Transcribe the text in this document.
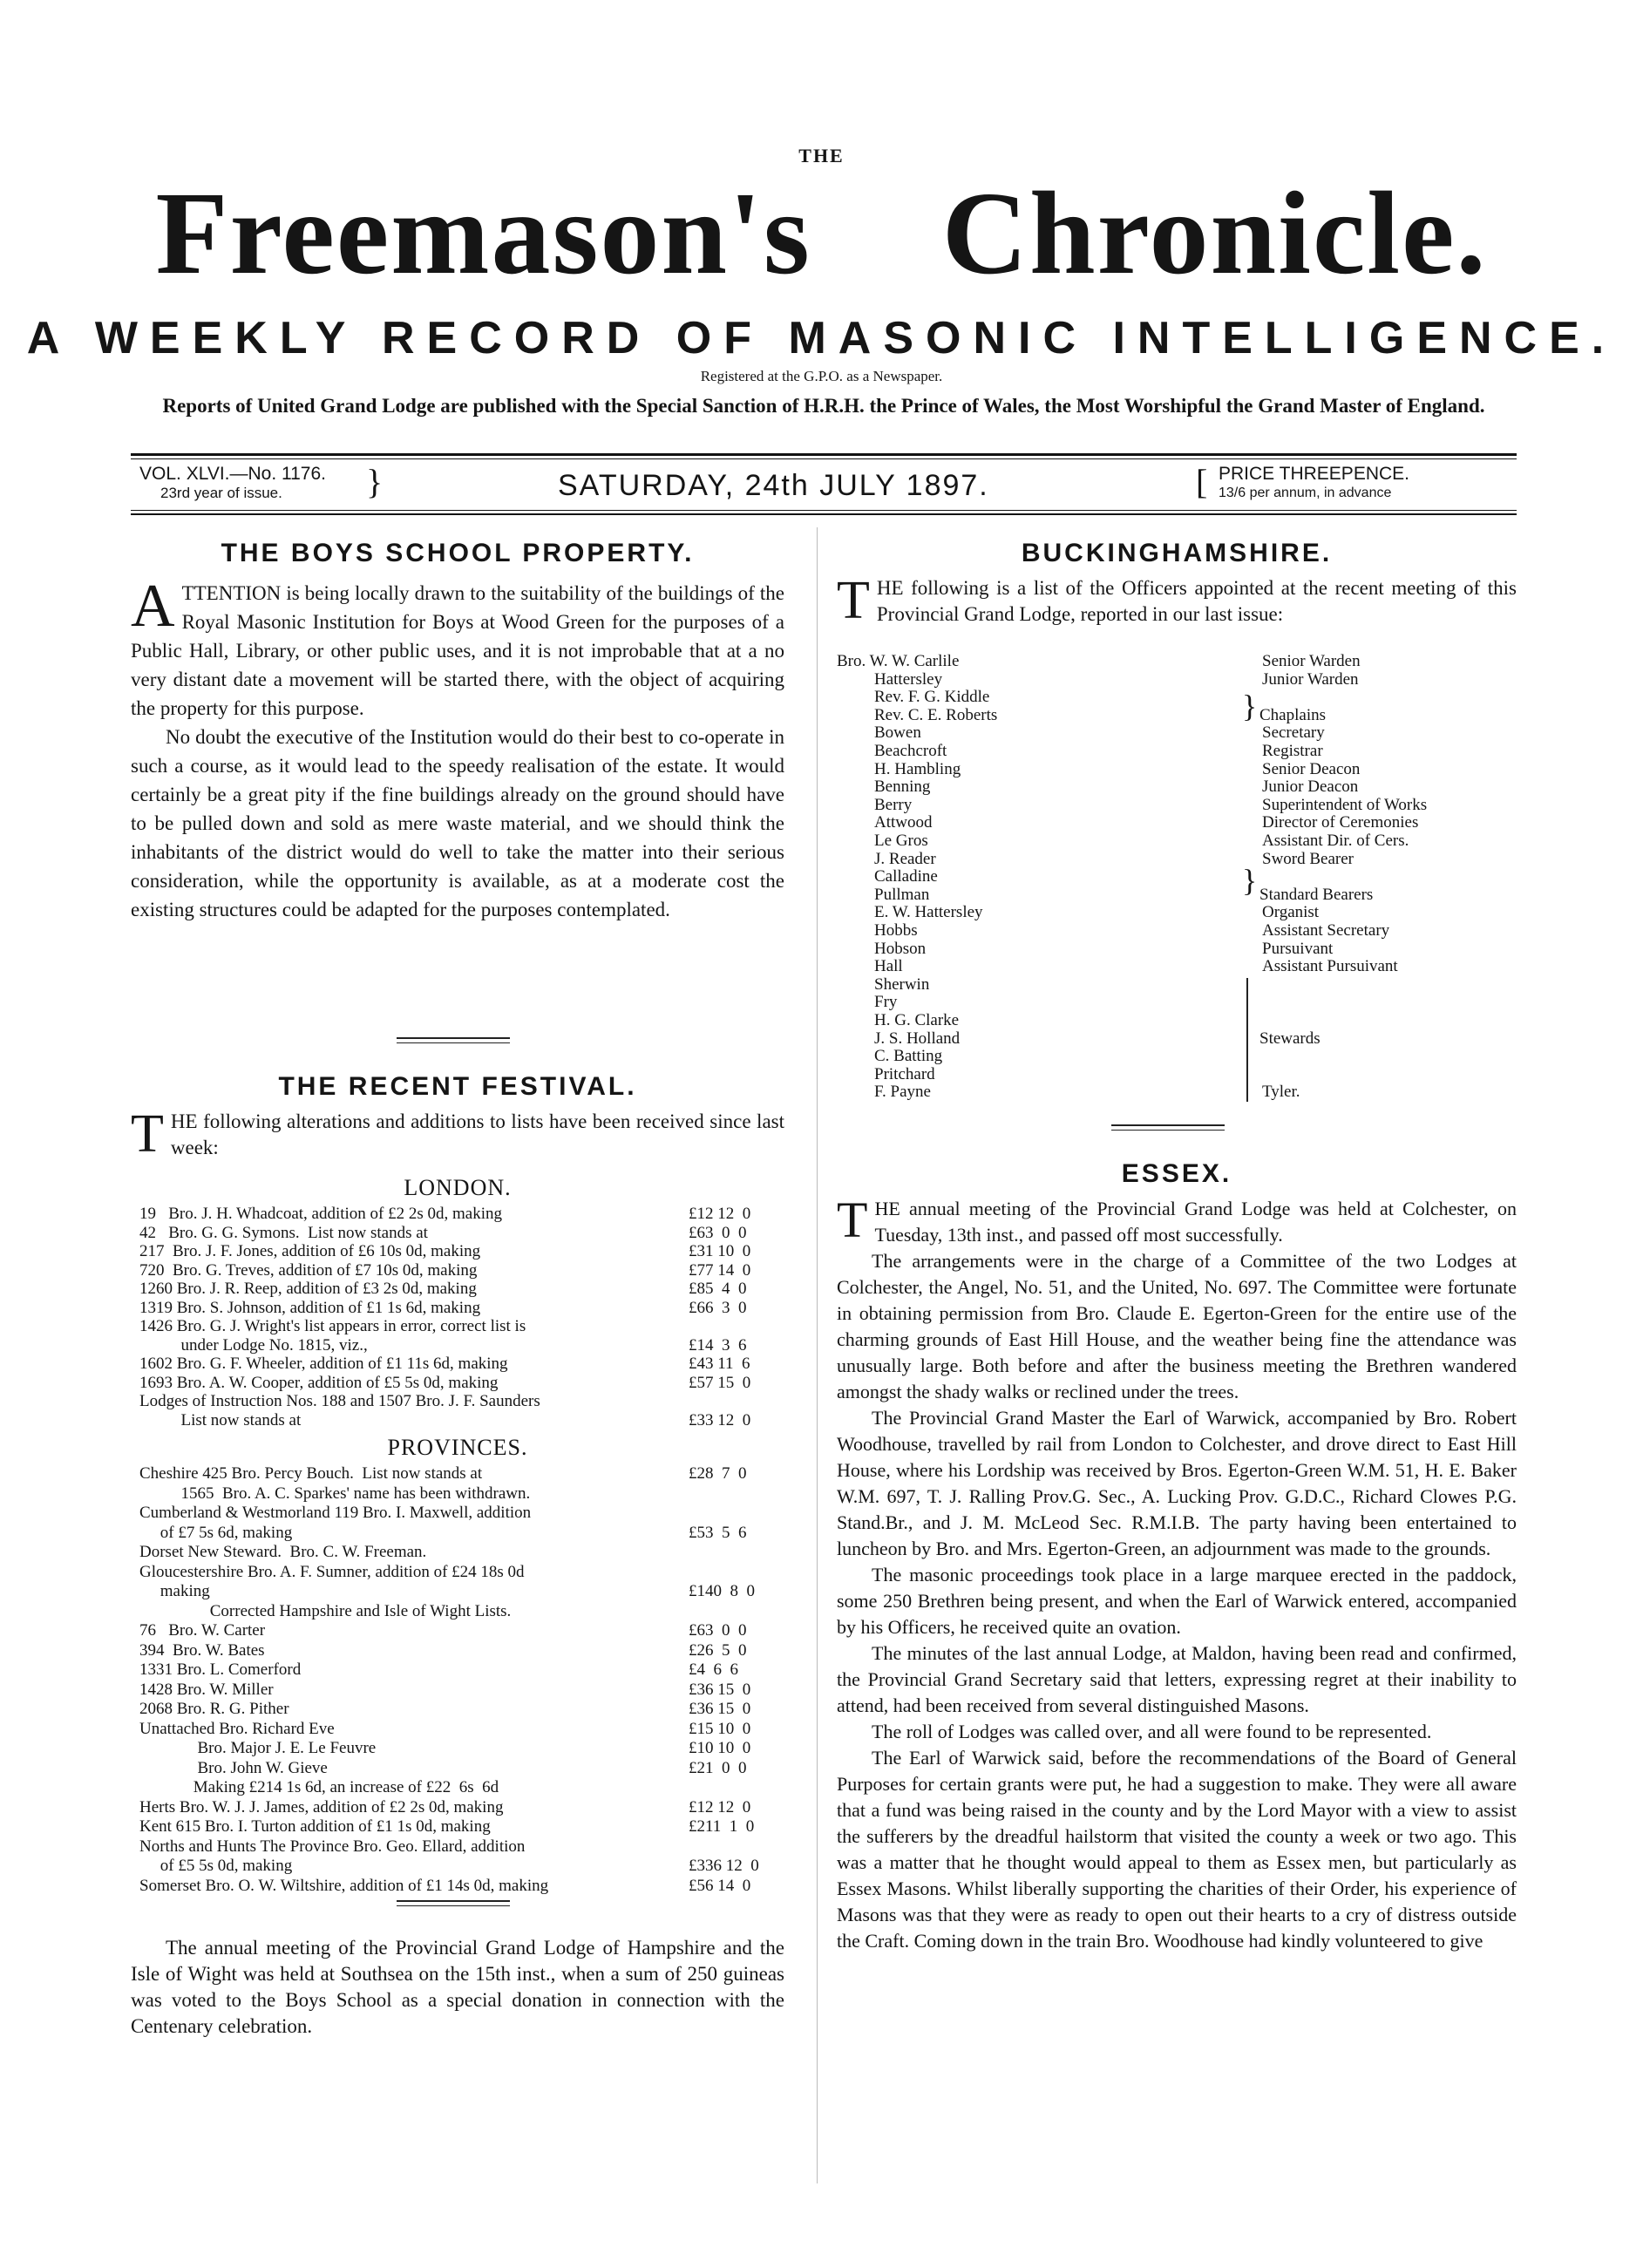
THE
Freemason's Chronicle.
A WEEKLY RECORD OF MASONIC INTELLIGENCE.
Registered at the G.P.O. as a Newspaper.
Reports of United Grand Lodge are published with the Special Sanction of H.R.H. the Prince of Wales, the Most Worshipful the Grand Master of England.
VOL. XLVI.—No. 1176.
23rd year of issue.	}	SATURDAY, 24th JULY 1897.	[ PRICE THREEPENCE.
13/6 per annum, in advance
THE BOYS SCHOOL PROPERTY.

ATTENTION is being locally drawn to the suitability of the buildings of the Royal Masonic Institution for Boys at Wood Green for the purposes of a Public Hall, Library, or other public uses, and it is not improbable that at a no very distant date a movement will be started there, with the object of acquiring the property for this purpose.

No doubt the executive of the Institution would do their best to co-operate in such a course, as it would lead to the speedy realisation of the estate. It would certainly be a great pity if the fine buildings already on the ground should have to be pulled down and sold as mere waste material, and we should think the inhabitants of the district would do well to take the matter into their serious consideration, while the opportunity is available, as at a moderate cost the existing structures could be adapted for the purposes contemplated.

THE RECENT FESTIVAL.

THE following alterations and additions to lists have been received since last week:

LONDON.
19   Bro. J. H. Whadcoat, addition of £2 2s 0d, making	£12 12  0
42   Bro. G. G. Symons.  List now stands at	£63  0  0
217  Bro. J. F. Jones, addition of £6 10s 0d, making	£31 10  0
720  Bro. G. Treves, addition of £7 10s 0d, making	£77 14  0
1260 Bro. J. R. Reep, addition of £3 2s 0d, making	£85  4  0
1319 Bro. S. Johnson, addition of £1 1s 6d, making	£66  3  0
1426 Bro. G. J. Wright's list appears in error, correct list is
under Lodge No. 1815, viz.,	£14  3  6
1602 Bro. G. F. Wheeler, addition of £1 11s 6d, making	£43 11  6
1693 Bro. A. W. Cooper, addition of £5 5s 0d, making	£57 15  0
Lodges of Instruction Nos. 188 and 1507 Bro. J. F. Saunders
List now stands at	£33 12  0
PROVINCES.
Cheshire 425 Bro. Percy Bouch.  List now stands at	£28  7  0
1565  Bro. A. C. Sparkes' name has been withdrawn.
Cumberland & Westmorland 119 Bro. I. Maxwell, addition
of £7 5s 6d, making	£53  5  6
Dorset New Steward.  Bro. C. W. Freeman.
Gloucestershire Bro. A. F. Sumner, addition of £24 18s 0d
making	£140  8  0
Corrected Hampshire and Isle of Wight Lists.
76   Bro. W. Carter	£63  0  0
394  Bro. W. Bates	£26  5  0
1331 Bro. L. Comerford	£4  6  6
1428 Bro. W. Miller	£36 15  0
2068 Bro. R. G. Pither	£36 15  0
Unattached Bro. Richard Eve	£15 10  0
Bro. Major J. E. Le Feuvre	£10 10  0
Bro. John W. Gieve	£21  0  0
Making £214 1s 6d, an increase of £22  6s  6d
Herts Bro. W. J. J. James, addition of £2 2s 0d, making	£12 12  0
Kent 615 Bro. I. Turton addition of £1 1s 0d, making	£211  1  0
Norths and Hunts The Province Bro. Geo. Ellard, addition
of £5 5s 0d, making	£336 12  0
Somerset Bro. O. W. Wiltshire, addition of £1 14s 0d, making	£56 14  0

The annual meeting of the Provincial Grand Lodge of Hampshire and the Isle of Wight was held at Southsea on the 15th inst., when a sum of 250 guineas was voted to the Boys School as a special donation in connection with the Centenary celebration.

BUCKINGHAMSHIRE.

THE following is a list of the Officers appointed at the recent meeting of this Provincial Grand Lodge, reported in our last issue:

Bro. W. W. Carlile	Senior Warden
Hattersley	Junior Warden
Rev. F. G. Kiddle
Rev. C. E. Roberts	Chaplains
Bowen	Secretary
Beachcroft	Registrar
H. Hambling	Senior Deacon
Benning	Junior Deacon
Berry	Superintendent of Works
Attwood	Director of Ceremonies
Le Gros	Assistant Dir. of Cers.
J. Reader	Sword Bearer
Calladine
Pullman	Standard Bearers
E. W. Hattersley	Organist
Hobbs	Assistant Secretary
Hobson	Pursuivant
Hall	Assistant Pursuivant
Sherwin
Fry
H. G. Clarke
J. S. Holland	Stewards
C. Batting
Pritchard
F. Payne	Tyler.
}
}
ESSEX.

THE annual meeting of the Provincial Grand Lodge was held at Colchester, on Tuesday, 13th inst., and passed off most successfully.

The arrangements were in the charge of a Committee of the two Lodges at Colchester, the Angel, No. 51, and the United, No. 697. The Committee were fortunate in obtaining permission from Bro. Claude E. Egerton-Green for the entire use of the charming grounds of East Hill House, and the weather being fine the attendance was unusually large. Both before and after the business meeting the Brethren wandered amongst the shady walks or reclined under the trees.

The Provincial Grand Master the Earl of Warwick, accompanied by Bro. Robert Woodhouse, travelled by rail from London to Colchester, and drove direct to East Hill House, where his Lordship was received by Bros. Egerton-Green W.M. 51, H. E. Baker W.M. 697, T. J. Ralling Prov.G. Sec., A. Lucking Prov. G.D.C., Richard Clowes P.G. Stand.Br., and J. M. McLeod Sec. R.M.I.B. The party having been entertained to luncheon by Bro. and Mrs. Egerton-Green, an adjournment was made to the grounds.

The masonic proceedings took place in a large marquee erected in the paddock, some 250 Brethren being present, and when the Earl of Warwick entered, accompanied by his Officers, he received quite an ovation.

The minutes of the last annual Lodge, at Maldon, having been read and confirmed, the Provincial Grand Secretary said that letters, expressing regret at their inability to attend, had been received from several distinguished Masons.

The roll of Lodges was called over, and all were found to be represented.

The Earl of Warwick said, before the recommendations of the Board of General Purposes for certain grants were put, he had a suggestion to make. They were all aware that a fund was being raised in the county and by the Lord Mayor with a view to assist the sufferers by the dreadful hailstorm that visited the county a week or two ago. This was a matter that he thought would appeal to them as Essex men, but particularly as Essex Masons. Whilst liberally supporting the charities of their Order, his experience of Masons was that they were as ready to open out their hearts to a cry of distress outside the Craft. Coming down in the train Bro. Woodhouse had kindly volunteered to give
